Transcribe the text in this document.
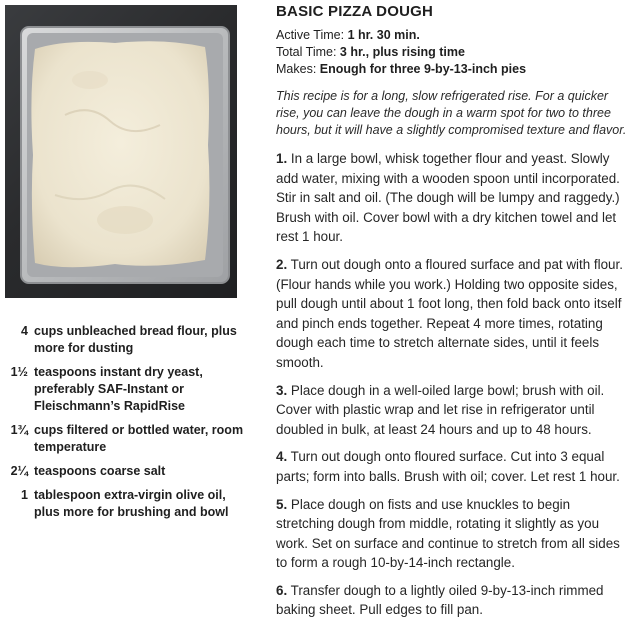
4 cups unbleached bread flour, plus more for dusting
1½ teaspoons instant dry yeast, preferably SAF-Instant or Fleischmann’s RapidRise
1¾ cups filtered or bottled water, room temperature
2¼ teaspoons coarse salt
1 tablespoon extra-virgin olive oil, plus more for brushing and bowl
BASIC PIZZA DOUGH
Active Time: 1 hr. 30 min.
Total Time: 3 hr., plus rising time
Makes: Enough for three 9-by-13-inch pies
This recipe is for a long, slow refrigerated rise. For a quicker rise, you can leave the dough in a warm spot for two to three hours, but it will have a slightly compromised texture and flavor.
1. In a large bowl, whisk together flour and yeast. Slowly add water, mixing with a wooden spoon until incorporated. Stir in salt and oil. (The dough will be lumpy and raggedy.) Brush with oil. Cover bowl with a dry kitchen towel and let rest 1 hour.
2. Turn out dough onto a floured surface and pat with flour. (Flour hands while you work.) Holding two opposite sides, pull dough until about 1 foot long, then fold back onto itself and pinch ends together. Repeat 4 more times, rotating dough each time to stretch alternate sides, until it feels smooth.
3. Place dough in a well-oiled large bowl; brush with oil. Cover with plastic wrap and let rise in refrigerator until doubled in bulk, at least 24 hours and up to 48 hours.
4. Turn out dough onto floured surface. Cut into 3 equal parts; form into balls. Brush with oil; cover. Let rest 1 hour.
5. Place dough on fists and use knuckles to begin stretching dough from middle, rotating it slightly as you work. Set on surface and continue to stretch from all sides to form a rough 10-by-14-inch rectangle.
6. Transfer dough to a lightly oiled 9-by-13-inch rimmed baking sheet. Pull edges to fill pan.
